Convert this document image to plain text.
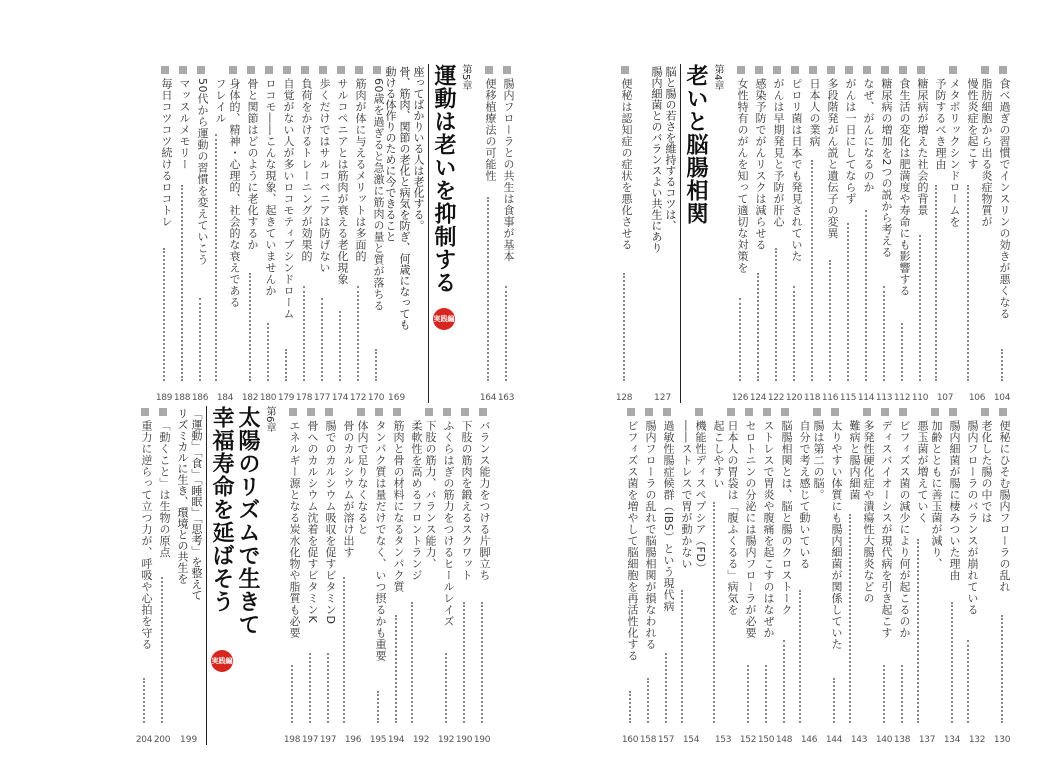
食べ過ぎの習慣でインスリンの効きが悪くなる
104
脂肪細胞から出る炎症物質が
慢性炎症を起こす
106
メタボリックシンドロームを
予防するべき理由
107
糖尿病が増えた社会的背景
110
食生活の変化は肥満度や寿命にも影響する
112
糖尿病の増加を2つの説から考える
113
なぜ、がんになるのか
114
がんは一日にしてならず
115
多段階発がん説と遺伝子の変異
116
日本人の業病
118
ピロリ菌は日本でも発見されていた
120
がんは早期発見と予防が肝心
122
感染予防でがんリスクは減らせる
124
女性特有のがんを知って適切な対策を
126
第4章
老いと脳腸相関
脳と腸の若さを維持するコツは、
腸内細菌とのバランスよい共生にあり
127
便秘は認知症の症状を悪化させる
128
腸内フローラとの共生は食事が基本
163
便移植療法の可能性
164
第5章
運動は老いを抑制する
実践編
座ってばかりいる人は老化する。
骨、筋肉、関節の老化と病気を防ぎ、何歳になっても
動ける体作りのために今できること
169
60歳を過ぎると急激に筋肉の量と質が落ちる
170
筋肉が体に与えるメリットは多面的
172
サルコペニアとは筋肉が衰える老化現象
174
歩くだけではサルコペニアは防げない
177
負荷をかけるトレーニングが効果的
178
自覚がない人が多いロコモティブシンドローム
179
ロコモ――こんな現象、起きていませんか
180
骨と関節はどのように老化するか
182
身体的、精神・心理的、社会的な衰えである
フレイル
184
50代から運動の習慣を変えていこう
186
マッスルメモリー
188
毎日コツコツ続けるロコトレ
189
便秘にひそむ腸内フローラの乱れ
130
老化した腸の中では
腸内フローラのバランスが崩れている
132
腸内細菌が腸に棲みついた理由
134
加齢とともに善玉菌が減り、
悪玉菌が増えていく
137
ビフィズス菌の減少により何が起こるのか
138
ディスバイオーシスが現代病を引き起こす
140
多発性硬化症や潰瘍性大腸炎などの
難病と腸内細菌
143
太りやすい体質にも腸内細菌が関係していた
144
腸は第二の脳。
自分で考え感じて動いている
146
脳腸相関とは、脳と腸のクロストーク
148
ストレスで胃炎や腹痛を起こすのはなぜか
150
セロトニンの分泌には腸内フローラが必要
152
日本人の胃袋は「腹ふくるる」病気を
起こしやすい
153
機能性ディスペプシア（FD）
――ストレスで胃が動かない
154
過敏性腸症候群（IBS）という現代病
157
腸内フローラの乱れで脳腸相関が損なわれる
158
ビフィズス菌を増やして脳細胞を再活性化する
160
バランス能力をつける片脚立ち
190
下肢の筋肉を鍛えるスクワット
190
ふくらはぎの筋力をつけるヒールレイズ
192
下肢の筋力、バランス能力、
柔軟性を高めるフロントランジ
192
筋肉と骨の材料になるタンパク質
194
タンパク質は量だけでなく、いつ摂るかも重要
195
体内で足りなくなると
骨のカルシウムが溶け出す
196
腸でのカルシウム吸収を促すビタミンD
197
骨へのカルシウム沈着を促すビタミンK
197
エネルギー源となる炭水化物や脂質も必要
198
第6章
太陽のリズムで生きて
幸福寿命を延ばそう
実践編
「運動」「食」「睡眠」「思考」を整えて
リズミカルに生き、環境との共生を
199
「動くこと」は生物の原点
200
重力に逆らって立つ力が、呼吸や心拍を守る
204
